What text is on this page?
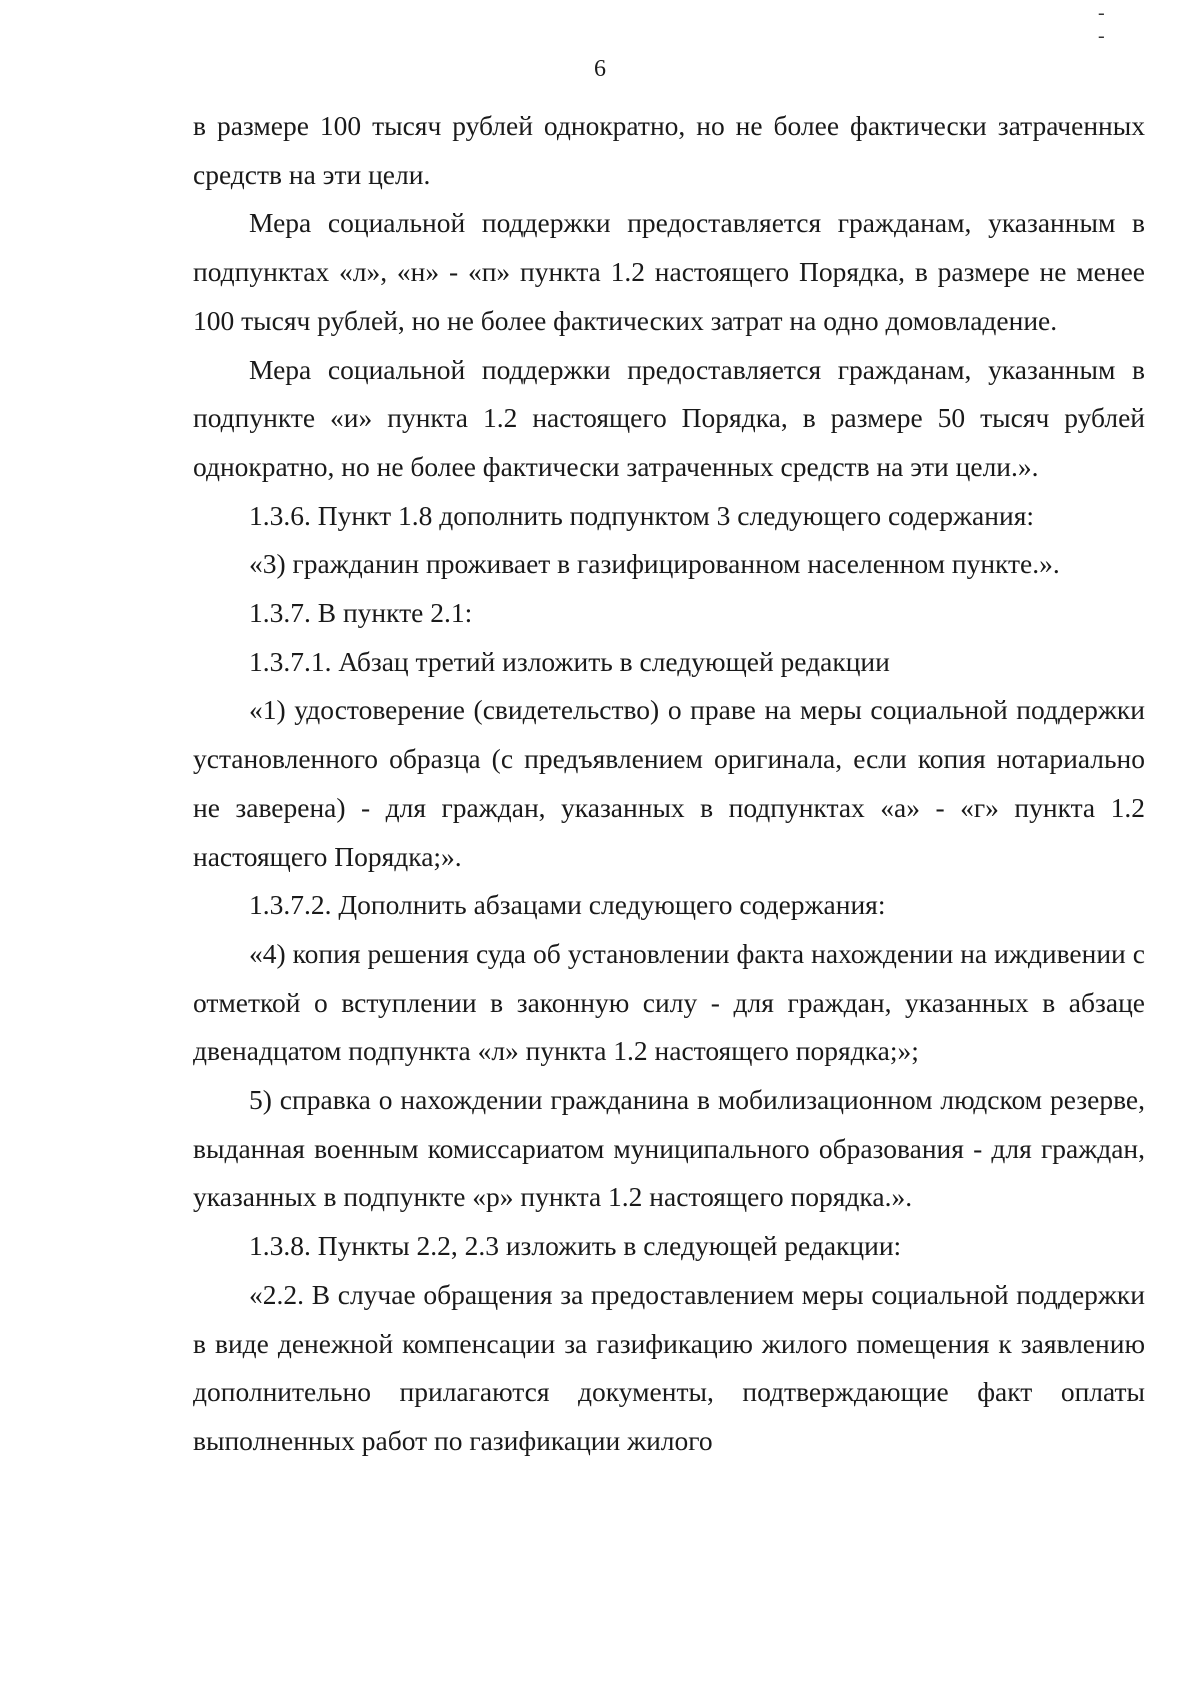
- -
6

в размере 100 тысяч рублей однократно, но не более фактически затраченных средств на эти цели.

Мера социальной поддержки предоставляется гражданам, указанным в подпунктах «л», «н» - «п» пункта 1.2 настоящего Порядка, в размере не менее 100 тысяч рублей, но не более фактических затрат на одно домовладение.

Мера социальной поддержки предоставляется гражданам, указанным в подпункте «и» пункта 1.2 настоящего Порядка, в размере 50 тысяч рублей однократно, но не более фактически затраченных средств на эти цели.».

1.3.6. Пункт 1.8 дополнить подпунктом 3 следующего содержания:

«3) гражданин проживает в газифицированном населенном пункте.».

1.3.7. В пункте 2.1:

1.3.7.1. Абзац третий изложить в следующей редакции

«1) удостоверение (свидетельство) о праве на меры социальной поддержки установленного образца (с предъявлением оригинала, если копия нотариально не заверена) - для граждан, указанных в подпунктах «а» - «г» пункта 1.2 настоящего Порядка;».

1.3.7.2. Дополнить абзацами следующего содержания:

«4) копия решения суда об установлении факта нахождении на иждивении с отметкой о вступлении в законную силу - для граждан, указанных в абзаце двенадцатом подпункта «л» пункта 1.2 настоящего порядка;»;

5) справка о нахождении гражданина в мобилизационном людском резерве, выданная военным комиссариатом муниципального образования - для граждан, указанных в подпункте «р» пункта 1.2 настоящего порядка.».

1.3.8. Пункты 2.2, 2.3 изложить в следующей редакции:

«2.2. В случае обращения за предоставлением меры социальной поддержки в виде денежной компенсации за газификацию жилого помещения к заявлению дополнительно прилагаются документы, подтверждающие факт оплаты выполненных работ по газификации жилого
